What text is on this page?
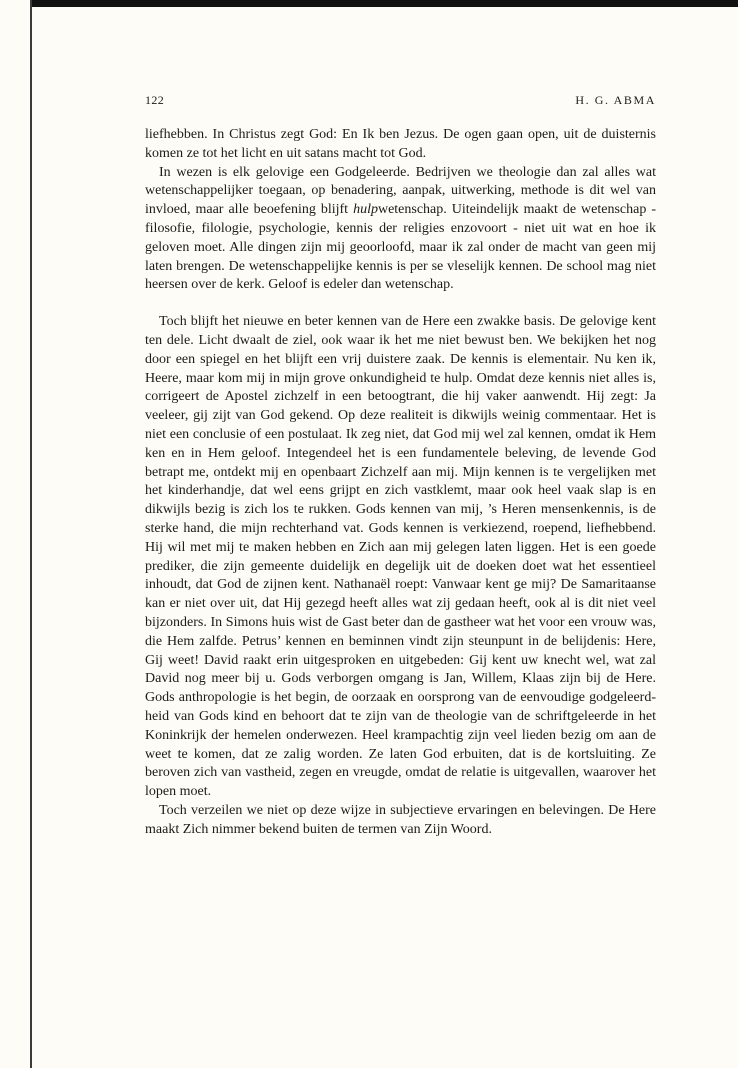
122	H. G. ABMA

liefhebben. In Christus zegt God: En Ik ben Jezus. De ogen gaan open, uit de duisternis komen ze tot het licht en uit satans macht tot God.

In wezen is elk gelovige een Godgeleerde. Bedrijven we theologie dan zal alles wat wetenschappelijker toegaan, op benadering, aanpak, uitwerking, methode is dit wel van invloed, maar alle beoefening blijft hulpwetenschap. Uiteindelijk maakt de wetenschap -filosofie, filologie, psychologie, kennis der religies enzovoort - niet uit wat en hoe ik geloven moet. Alle dingen zijn mij geoorloofd, maar ik zal onder de macht van geen mij laten brengen. De wetenschappelijke kennis is per se vleselijk kennen. De school mag niet heersen over de kerk. Geloof is edeler dan wetenschap.

Toch blijft het nieuwe en beter kennen van de Here een zwakke basis. De gelovige kent ten dele. Licht dwaalt de ziel, ook waar ik het me niet bewust ben. We bekijken het nog door een spiegel en het blijft een vrij duistere zaak. De kennis is elementair. Nu ken ik, Heere, maar kom mij in mijn grove onkundigheid te hulp. Omdat deze kennis niet alles is, corrigeert de Apostel zichzelf in een betoogtrant, die hij vaker aanwendt. Hij zegt: Ja veeleer, gij zijt van God gekend. Op deze realiteit is dikwijls weinig commentaar. Het is niet een conclusie of een postulaat. Ik zeg niet, dat God mij wel zal kennen, omdat ik Hem ken en in Hem geloof. Integendeel het is een fundamentele beleving, de levende God betrapt me, ontdekt mij en openbaart Zichzelf aan mij. Mijn kennen is te vergelijken met het kinderhandje, dat wel eens grijpt en zich vastklemt, maar ook heel vaak slap is en dikwijls bezig is zich los te rukken. Gods kennen van mij, ’s Heren mensenkennis, is de sterke hand, die mijn rechterhand vat. Gods kennen is verkiezend, roepend, liefhebbend. Hij wil met mij te maken hebben en Zich aan mij gelegen laten liggen. Het is een goede prediker, die zijn gemeente duidelijk en degelijk uit de doeken doet wat het essentieel inhoudt, dat God de zijnen kent. Nathanaël roept: Vanwaar kent ge mij? De Samaritaanse kan er niet over uit, dat Hij gezegd heeft alles wat zij gedaan heeft, ook al is dit niet veel bijzonders. In Simons huis wist de Gast beter dan de gastheer wat het voor een vrouw was, die Hem zalfde. Petrus’ kennen en beminnen vindt zijn steunpunt in de belijdenis: Here, Gij weet! David raakt erin uitgesproken en uitgebeden: Gij kent uw knecht wel, wat zal David nog meer bij u. Gods verborgen omgang is Jan, Willem, Klaas zijn bij de Here. Gods anthropologie is het begin, de oorzaak en oorsprong van de eenvoudige godgeleerdheid van Gods kind en behoort dat te zijn van de theologie van de schriftgeleerde in het Koninkrijk der hemelen onderwezen. Heel krampachtig zijn veel lieden bezig om aan de weet te komen, dat ze zalig worden. Ze laten God erbuiten, dat is de kortsluiting. Ze beroven zich van vastheid, zegen en vreugde, omdat de relatie is uitgevallen, waarover het lopen moet.

Toch verzeilen we niet op deze wijze in subjectieve ervaringen en belevingen. De Here maakt Zich nimmer bekend buiten de termen van Zijn Woord.
